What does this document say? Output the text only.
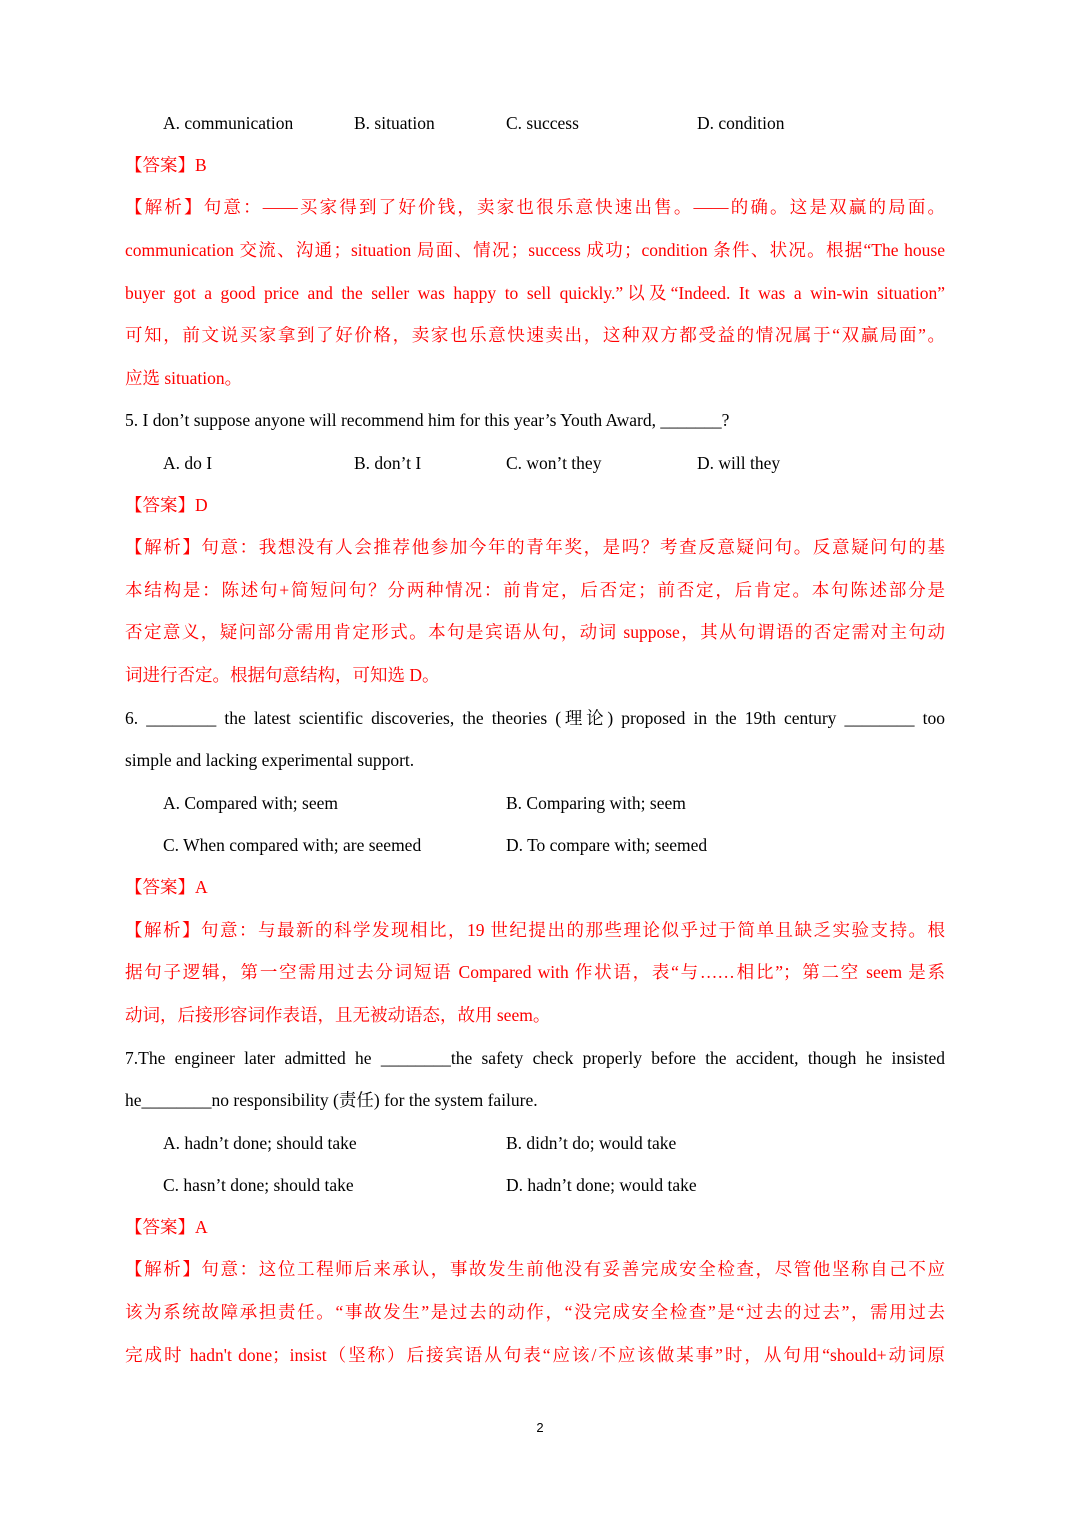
A. communication	B. situation	C. success	D. condition
【答案】B
【解析】句意：——买家得到了好价钱，卖家也很乐意快速出售。——的确。这是双赢的局面。
communication 交流、沟通；situation 局面、情况；success 成功；condition 条件、状况。根据“The house
buyer got a good price and the seller was happy to sell quickly.”以及“Indeed. It was a win-win situation”
可知，前文说买家拿到了好价格，卖家也乐意快速卖出，这种双方都受益的情况属于“双赢局面”。
应选 situation。
5. I don’t suppose anyone will recommend him for this year’s Youth Award, _______?
A. do I	B. don’t I	C. won’t they	D. will they
【答案】D
【解析】句意：我想没有人会推荐他参加今年的青年奖，是吗？考查反意疑问句。反意疑问句的基
本结构是：陈述句+简短问句？分两种情况：前肯定，后否定；前否定，后肯定。本句陈述部分是
否定意义，疑问部分需用肯定形式。本句是宾语从句，动词 suppose，其从句谓语的否定需对主句动
词进行否定。根据句意结构，可知选 D。
6. ________ the latest scientific discoveries, the theories (理论) proposed in the 19th century ________ too
simple and lacking experimental support.
A. Compared with; seem	B. Comparing with; seem
C. When compared with; are seemed	D. To compare with; seemed
【答案】A
【解析】句意：与最新的科学发现相比，19 世纪提出的那些理论似乎过于简单且缺乏实验支持。根
据句子逻辑，第一空需用过去分词短语 Compared with 作状语，表“与……相比”；第二空 seem 是系
动词，后接形容词作表语，且无被动语态，故用 seem。
7.The engineer later admitted he ________the safety check properly before the accident, though he insisted
he________no responsibility (责任) for the system failure.
A. hadn’t done; should take	B. didn’t do; would take
C. hasn’t done; should take	D. hadn’t done; would take
【答案】A
【解析】句意：这位工程师后来承认，事故发生前他没有妥善完成安全检查，尽管他坚称自己不应
该为系统故障承担责任。“事故发生”是过去的动作，“没完成安全检查”是“过去的过去”，需用过去
完成时 hadn't done；insist（坚称）后接宾语从句表“应该/不应该做某事”时，从句用“should+动词原
2
